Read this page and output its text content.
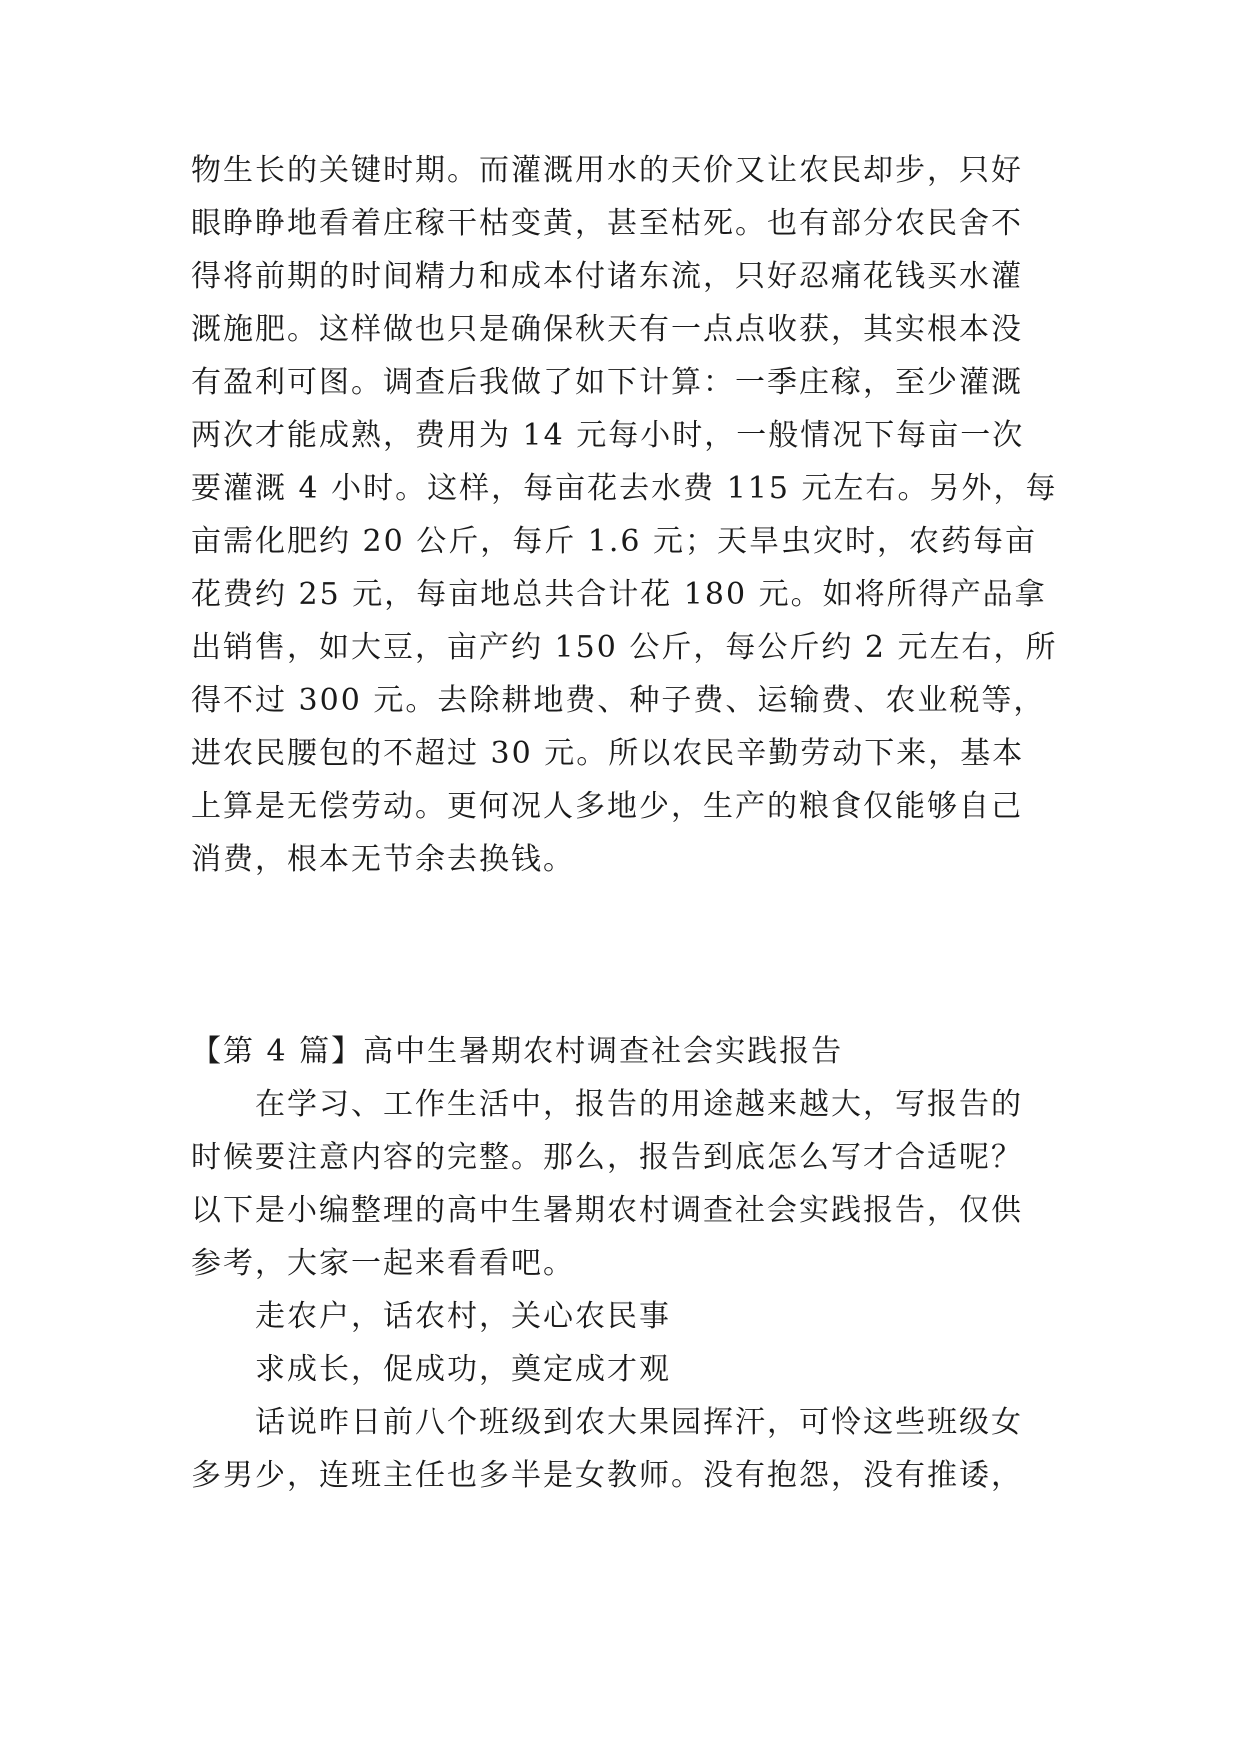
物生长的关键时期。而灌溉用水的天价又让农民却步，只好
眼睁睁地看着庄稼干枯变黄，甚至枯死。也有部分农民舍不
得将前期的时间精力和成本付诸东流，只好忍痛花钱买水灌
溉施肥。这样做也只是确保秋天有一点点收获，其实根本没
有盈利可图。调查后我做了如下计算：一季庄稼，至少灌溉
两次才能成熟，费用为 14 元每小时，一般情况下每亩一次
要灌溉 4 小时。这样，每亩花去水费 115 元左右。另外，每
亩需化肥约 20 公斤，每斤 1.6 元；天旱虫灾时，农药每亩
花费约 25 元，每亩地总共合计花 180 元。如将所得产品拿
出销售，如大豆，亩产约 150 公斤，每公斤约 2 元左右，所
得不过 300 元。去除耕地费、种子费、运输费、农业税等，
进农民腰包的不超过 30 元。所以农民辛勤劳动下来，基本
上算是无偿劳动。更何况人多地少，生产的粮食仅能够自己
消费，根本无节余去换钱。
【第 4 篇】高中生暑期农村调查社会实践报告
在学习、工作生活中，报告的用途越来越大，写报告的
时候要注意内容的完整。那么，报告到底怎么写才合适呢？
以下是小编整理的高中生暑期农村调查社会实践报告，仅供
参考，大家一起来看看吧。
走农户，话农村，关心农民事
求成长，促成功，奠定成才观
话说昨日前八个班级到农大果园挥汗，可怜这些班级女
多男少，连班主任也多半是女教师。没有抱怨，没有推诿，
